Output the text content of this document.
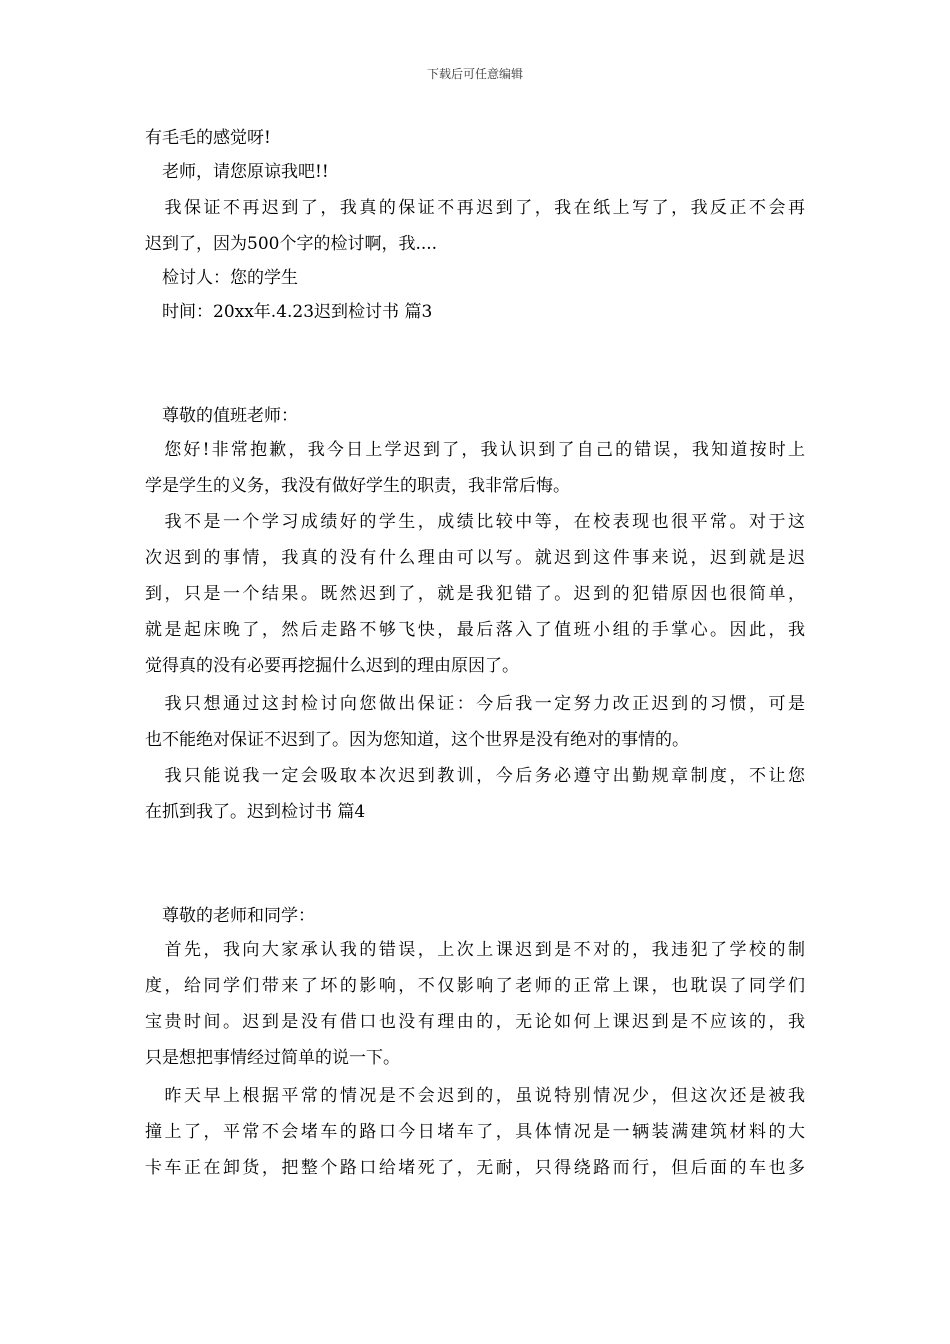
下载后可任意编辑
有毛毛的感觉呀!
　老师，请您原谅我吧!!
　我保证不再迟到了，我真的保证不再迟到了，我在纸上写了，我反正不会再
迟到了，因为500个字的检讨啊，我....
　检讨人：您的学生
　时间：20xx年.4.23迟到检讨书 篇3
　尊敬的值班老师：
　您好!非常抱歉，我今日上学迟到了，我认识到了自己的错误，我知道按时上
学是学生的义务，我没有做好学生的职责，我非常后悔。
　我不是一个学习成绩好的学生，成绩比较中等，在校表现也很平常。对于这
次迟到的事情，我真的没有什么理由可以写。就迟到这件事来说，迟到就是迟
到，只是一个结果。既然迟到了，就是我犯错了。迟到的犯错原因也很简单，
就是起床晚了，然后走路不够飞快，最后落入了值班小组的手掌心。因此，我
觉得真的没有必要再挖掘什么迟到的理由原因了。
　我只想通过这封检讨向您做出保证：今后我一定努力改正迟到的习惯，可是
也不能绝对保证不迟到了。因为您知道，这个世界是没有绝对的事情的。
　我只能说我一定会吸取本次迟到教训，今后务必遵守出勤规章制度，不让您
在抓到我了。迟到检讨书 篇4
　尊敬的老师和同学：
　首先，我向大家承认我的错误，上次上课迟到是不对的，我违犯了学校的制
度，给同学们带来了坏的影响，不仅影响了老师的正常上课，也耽误了同学们
宝贵时间。迟到是没有借口也没有理由的，无论如何上课迟到是不应该的，我
只是想把事情经过简单的说一下。
　昨天早上根据平常的情况是不会迟到的，虽说特别情况少，但这次还是被我
撞上了，平常不会堵车的路口今日堵车了，具体情况是一辆装满建筑材料的大
卡车正在卸货，把整个路口给堵死了，无耐，只得绕路而行，但后面的车也多
